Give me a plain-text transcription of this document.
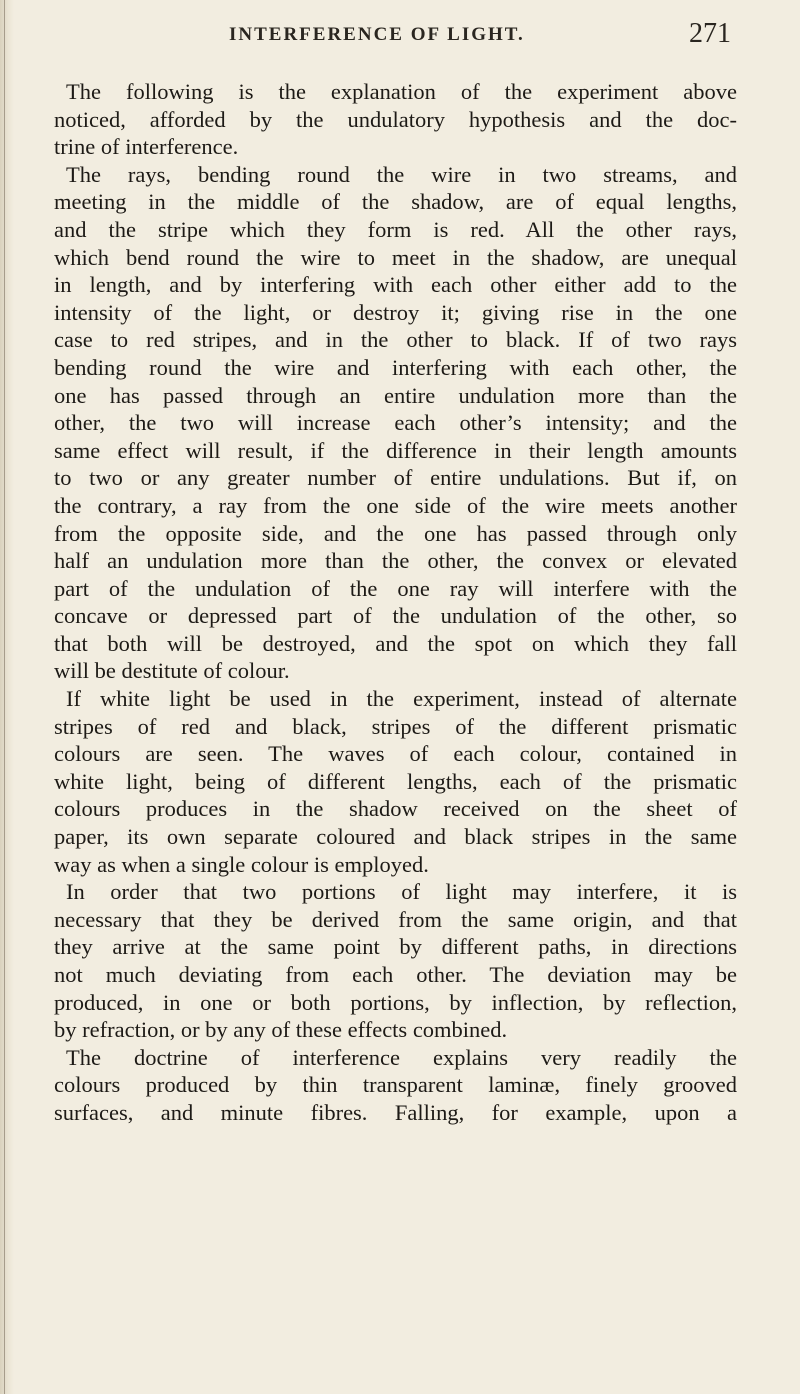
INTERFERENCE OF LIGHT.	271
The following is the explanation of the experiment above
noticed, afforded by the undulatory hypothesis and the doc-
trine of interference.
The rays, bending round the wire in two streams, and
meeting in the middle of the shadow, are of equal lengths,
and the stripe which they form is red. All the other rays,
which bend round the wire to meet in the shadow, are unequal
in length, and by interfering with each other either add to the
intensity of the light, or destroy it; giving rise in the one
case to red stripes, and in the other to black. If of two rays
bending round the wire and interfering with each other, the
one has passed through an entire undulation more than the
other, the two will increase each other’s intensity; and the
same effect will result, if the difference in their length amounts
to two or any greater number of entire undulations. But if, on
the contrary, a ray from the one side of the wire meets another
from the opposite side, and the one has passed through only
half an undulation more than the other, the convex or elevated
part of the undulation of the one ray will interfere with the
concave or depressed part of the undulation of the other, so
that both will be destroyed, and the spot on which they fall
will be destitute of colour.
If white light be used in the experiment, instead of alternate
stripes of red and black, stripes of the different prismatic
colours are seen. The waves of each colour, contained in
white light, being of different lengths, each of the prismatic
colours produces in the shadow received on the sheet of
paper, its own separate coloured and black stripes in the same
way as when a single colour is employed.
In order that two portions of light may interfere, it is
necessary that they be derived from the same origin, and that
they arrive at the same point by different paths, in directions
not much deviating from each other. The deviation may be
produced, in one or both portions, by inflection, by reflection,
by refraction, or by any of these effects combined.
The doctrine of interference explains very readily the
colours produced by thin transparent laminæ, finely grooved
surfaces, and minute fibres. Falling, for example, upon a
